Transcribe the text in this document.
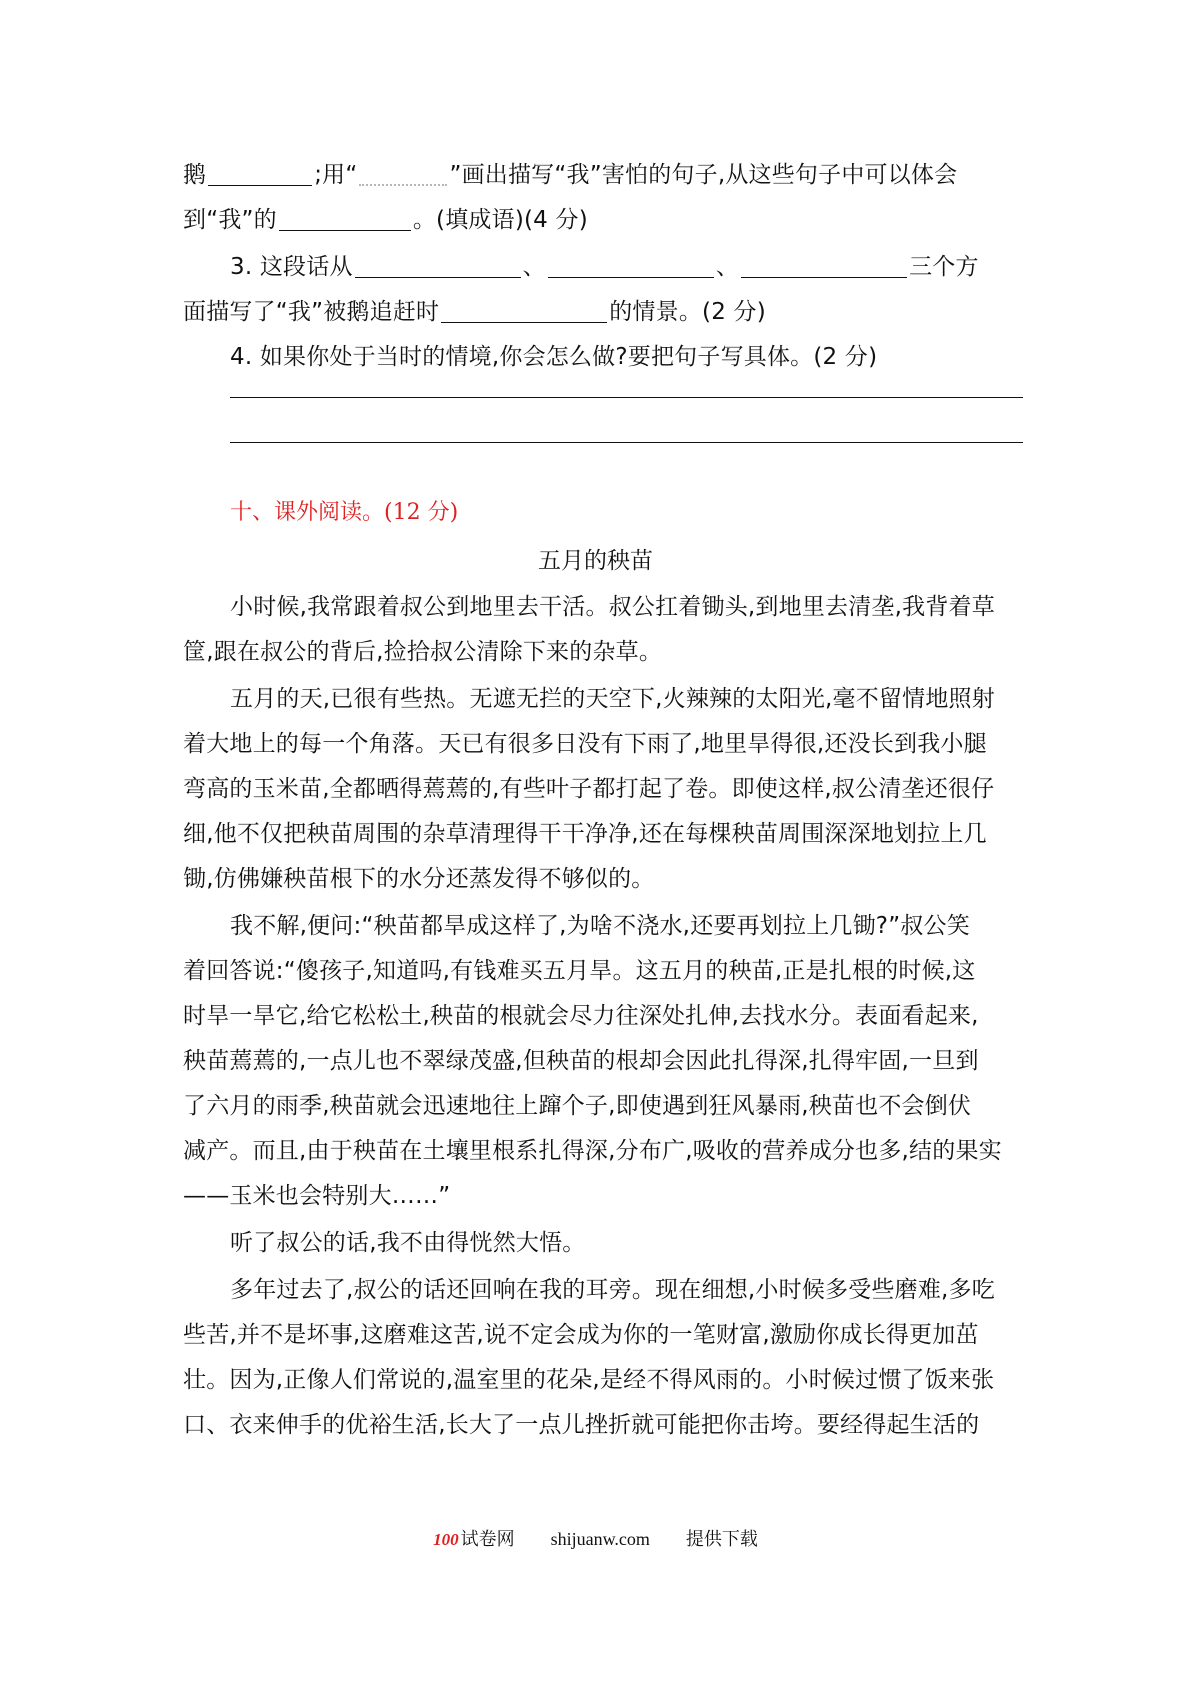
鹅	;用“	”画出描写“我”害怕的句子,从这些句子中可以体会
到“我”的	。(填成语)(4 分)
3. 这段话从	、	、	三个方
面描写了“我”被鹅追赶时	的情景。(2 分)
4. 如果你处于当时的情境,你会怎么做?要把句子写具体。(2 分)
十、课外阅读。(12 分)
五月的秧苗
小时候,我常跟着叔公到地里去干活。叔公扛着锄头,到地里去清垄,我背着草
筐,跟在叔公的背后,捡拾叔公清除下来的杂草。
五月的天,已很有些热。无遮无拦的天空下,火辣辣的太阳光,毫不留情地照射
着大地上的每一个角落。天已有很多日没有下雨了,地里旱得很,还没长到我小腿
弯高的玉米苗,全都晒得蔫蔫的,有些叶子都打起了卷。即使这样,叔公清垄还很仔
细,他不仅把秧苗周围的杂草清理得干干净净,还在每棵秧苗周围深深地划拉上几
锄,仿佛嫌秧苗根下的水分还蒸发得不够似的。
我不解,便问:“秧苗都旱成这样了,为啥不浇水,还要再划拉上几锄?”叔公笑
着回答说:“傻孩子,知道吗,有钱难买五月旱。这五月的秧苗,正是扎根的时候,这
时旱一旱它,给它松松土,秧苗的根就会尽力往深处扎伸,去找水分。表面看起来,
秧苗蔫蔫的,一点儿也不翠绿茂盛,但秧苗的根却会因此扎得深,扎得牢固,一旦到
了六月的雨季,秧苗就会迅速地往上蹿个子,即使遇到狂风暴雨,秧苗也不会倒伏
减产。而且,由于秧苗在土壤里根系扎得深,分布广,吸收的营养成分也多,结的果实
——玉米也会特别大……”
听了叔公的话,我不由得恍然大悟。
多年过去了,叔公的话还回响在我的耳旁。现在细想,小时候多受些磨难,多吃
些苦,并不是坏事,这磨难这苦,说不定会成为你的一笔财富,激励你成长得更加茁
壮。因为,正像人们常说的,温室里的花朵,是经不得风雨的。小时候过惯了饭来张
口、衣来伸手的优裕生活,长大了一点儿挫折就可能把你击垮。要经得起生活的
100 试卷网 shijuanw.com 提供下载
